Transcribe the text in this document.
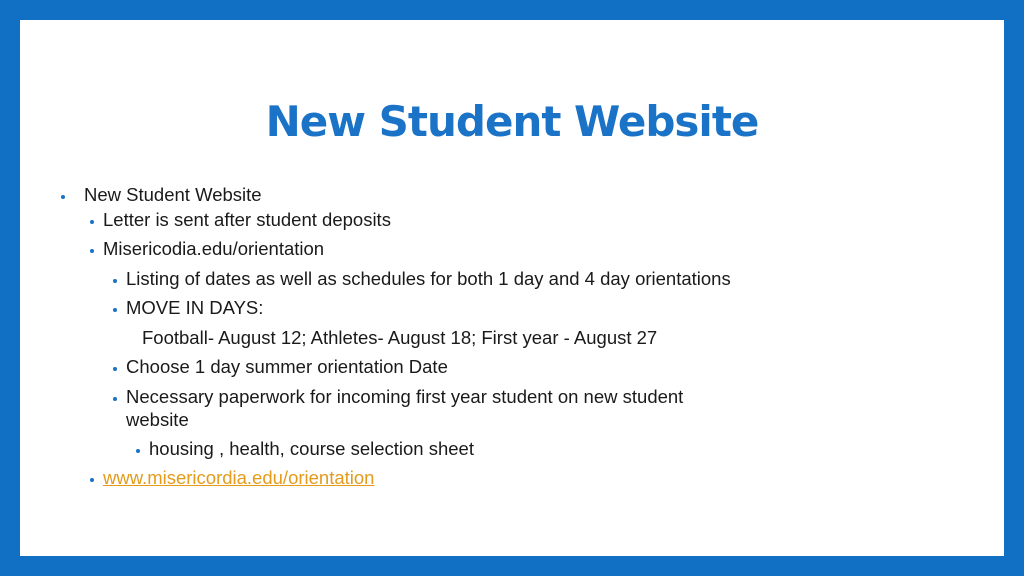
New Student Website
New Student Website
Letter is sent after student deposits
Misericodia.edu/orientation
Listing of dates as well as schedules for both 1 day and 4 day orientations
MOVE IN DAYS:
Football- August 12; Athletes- August 18; First year - August 27
Choose 1 day summer orientation Date
Necessary paperwork for incoming first year student on new student
website
housing , health, course selection sheet
www.misericordia.edu/orientation
